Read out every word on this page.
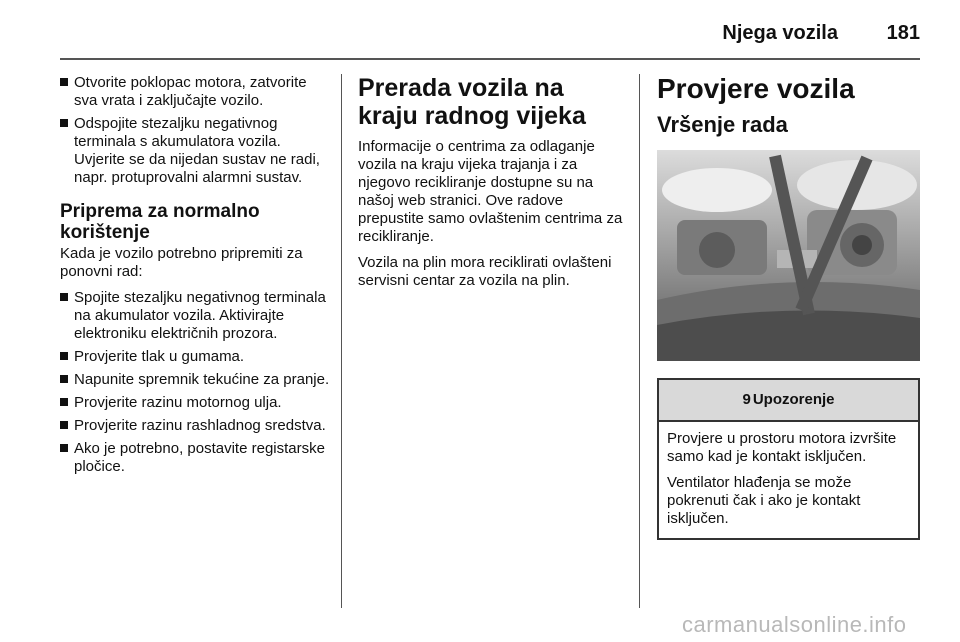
Njega vozila 181
Otvorite poklopac motora, zatvorite sva vrata i zaključajte vozilo.
Odspojite stezaljku negativnog terminala s akumulatora vozila. Uvjerite se da nijedan sustav ne radi, napr. protuprovalni alarmni sustav.
Priprema za normalno korištenje

Kada je vozilo potrebno pripremiti za ponovni rad:

Spojite stezaljku negativnog terminala na akumulator vozila. Aktivirajte elektroniku električnih prozora.
Provjerite tlak u gumama.
Napunite spremnik tekućine za pranje.
Provjerite razinu motornog ulja.
Provjerite razinu rashladnog sredstva.
Ako je potrebno, postavite registarske pločice.
Prerada vozila na kraju radnog vijeka

Informacije o centrima za odlaganje vozila na kraju vijeka trajanja i za njegovo recikliranje dostupne su na našoj web stranici. Ove radove prepustite samo ovlaštenim centrima za recikliranje.

Vozila na plin mora reciklirati ovlašteni servisni centar za vozila na plin.

Provjere vozila
Vršenje rada
9 Upozorenje

Provjere u prostoru motora izvršite samo kad je kontakt isključen.

Ventilator hlađenja se može pokrenuti čak i ako je kontakt isključen.

carmanualsonline.info
